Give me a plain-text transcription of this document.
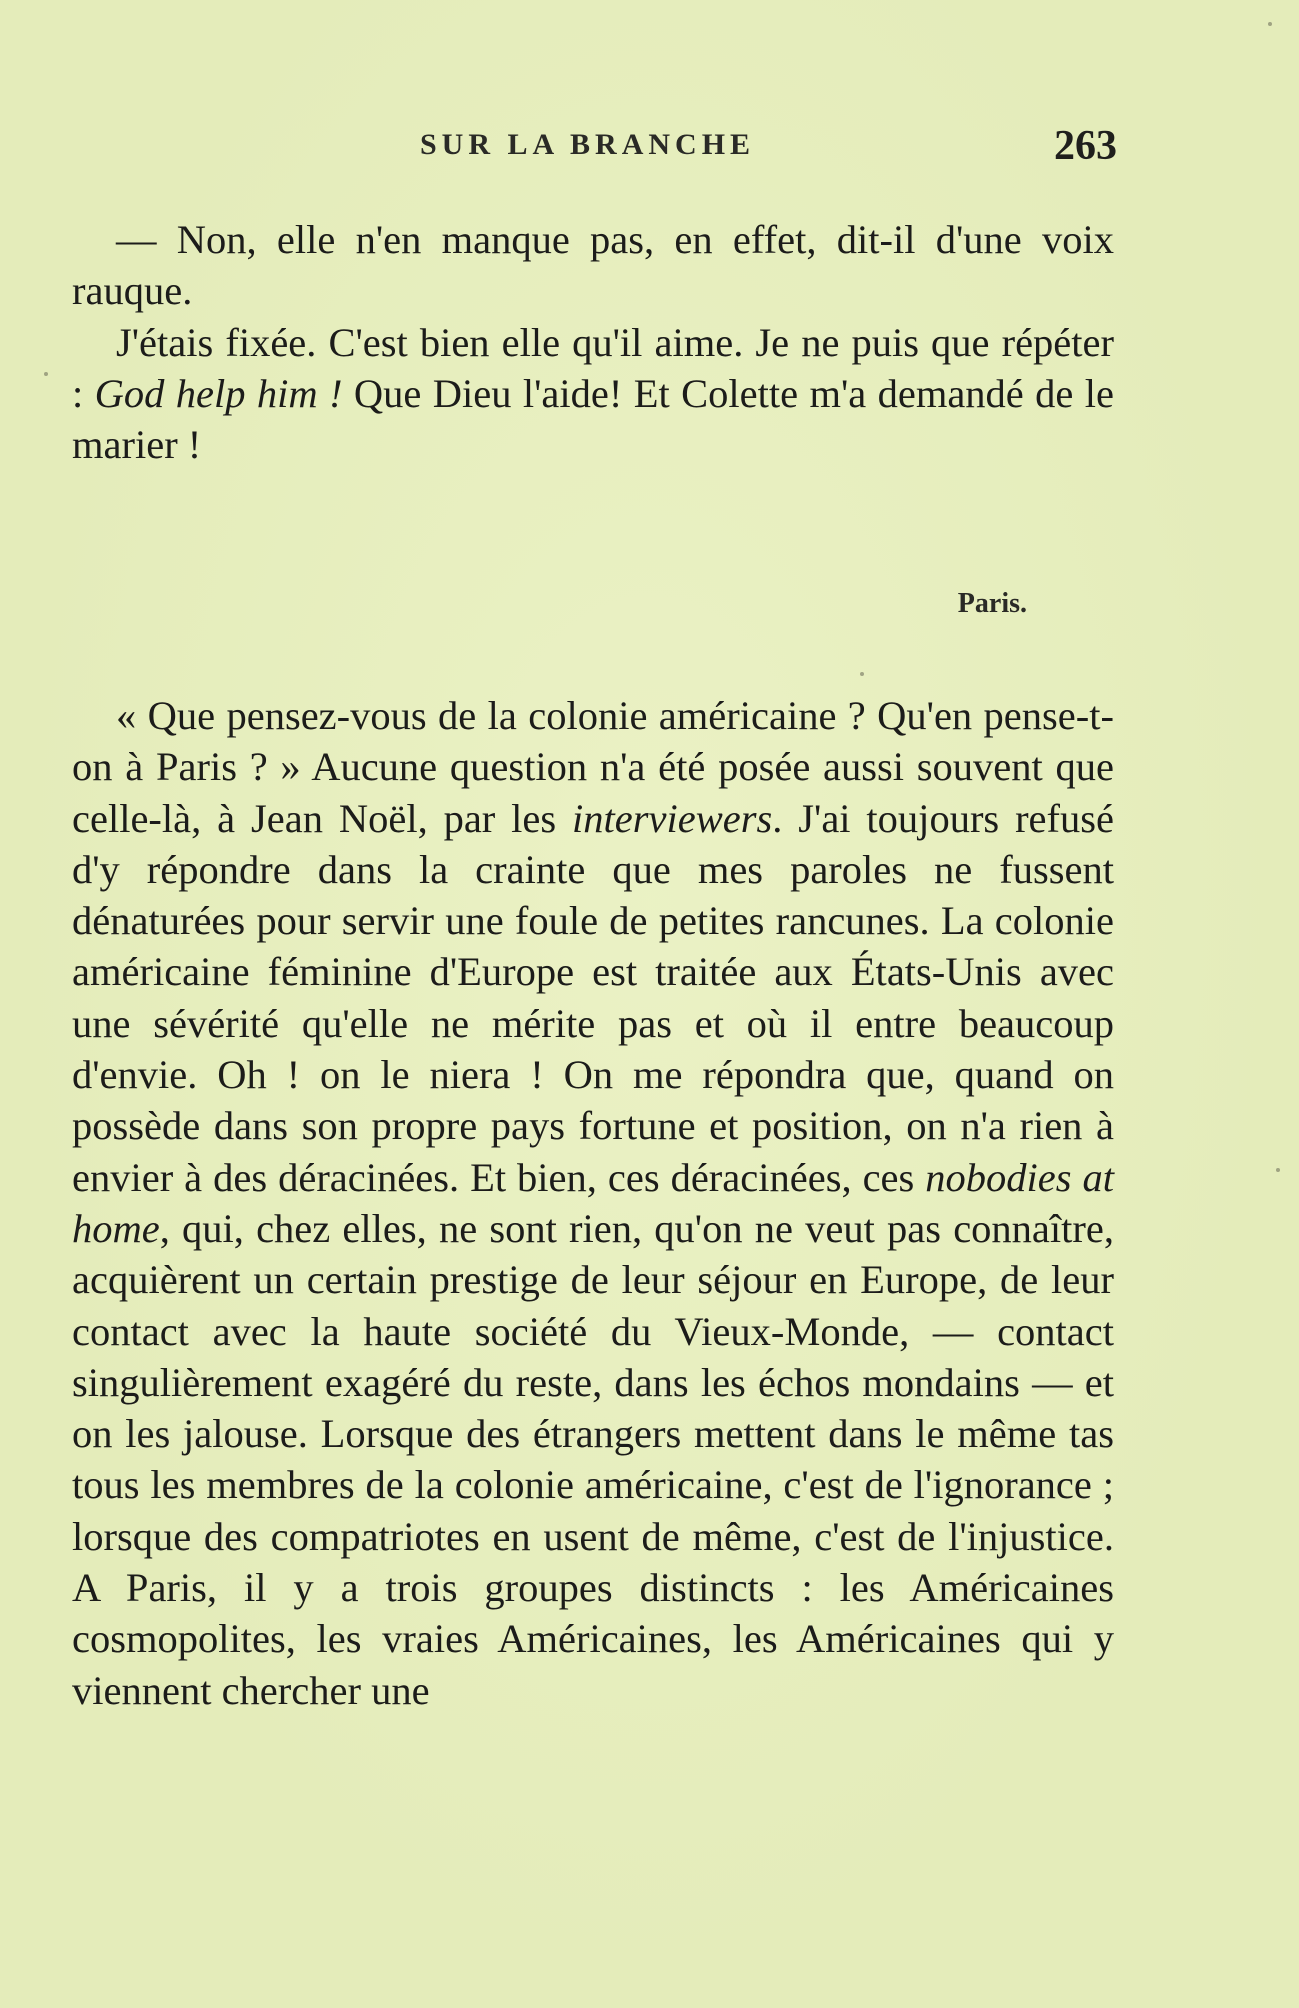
SUR LA BRANCHE	263

— Non, elle n'en manque pas, en effet, dit-il d'une voix rauque.

J'étais fixée. C'est bien elle qu'il aime. Je ne puis que répéter : God help him ! Que Dieu l'aide! Et Colette m'a demandé de le marier !

Paris.

« Que pensez-vous de la colonie américaine ? Qu'en pense-t-on à Paris ? » Aucune question n'a été posée aussi souvent que celle-là, à Jean Noël, par les interviewers. J'ai toujours refusé d'y répondre dans la crainte que mes paroles ne fussent dénaturées pour servir une foule de petites rancunes. La colonie américaine féminine d'Europe est traitée aux États-Unis avec une sévérité qu'elle ne mérite pas et où il entre beaucoup d'envie. Oh ! on le niera ! On me répondra que, quand on possède dans son propre pays fortune et position, on n'a rien à envier à des déracinées. Et bien, ces déracinées, ces nobodies at home, qui, chez elles, ne sont rien, qu'on ne veut pas connaître, acquièrent un certain prestige de leur séjour en Europe, de leur contact avec la haute société du Vieux-Monde, — contact singulièrement exagéré du reste, dans les échos mondains — et on les jalouse. Lorsque des étrangers mettent dans le même tas tous les membres de la colonie américaine, c'est de l'ignorance ; lorsque des compatriotes en usent de même, c'est de l'injustice. A Paris, il y a trois groupes distincts : les Américaines cosmopolites, les vraies Américaines, les Américaines qui y viennent chercher une
